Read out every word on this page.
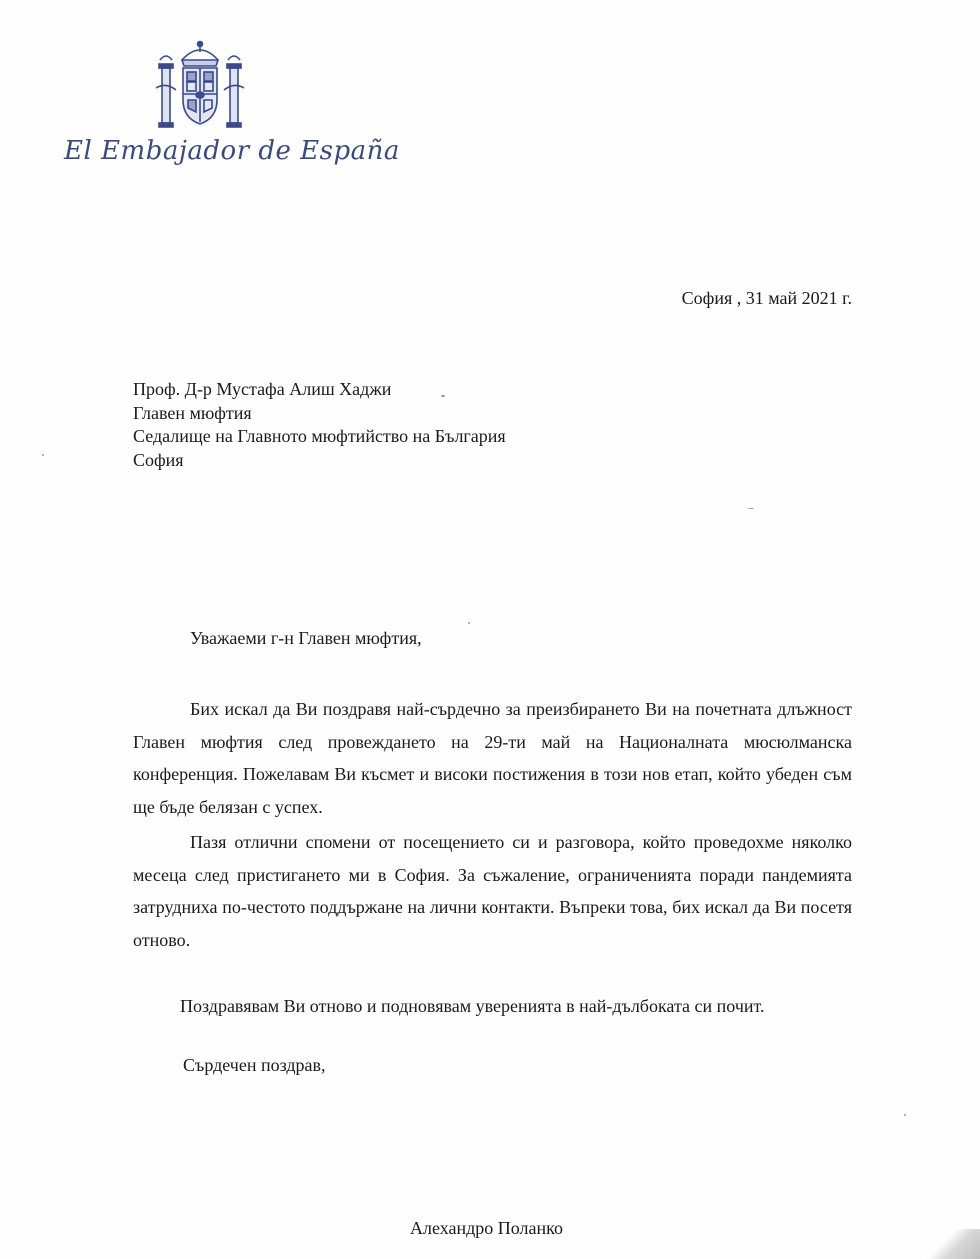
El Embajador de España
София , 31 май 2021 г.
Проф. Д-р Мустафа Алиш Хаджи
Главен мюфтия
Седалище на Главното мюфтийство на България
София
Уважаеми г-н Главен мюфтия,

Бих искал да Ви поздравя най-сърдечно за преизбирането Ви на почетната длъжност Главен мюфтия след провеждането на 29-ти май на Националната мюсюлманска конференция. Пожелавам Ви късмет и високи постижения в този нов етап, който убеден съм ще бъде белязан с успех.

Пазя отлични спомени от посещението си и разговора, който проведохме няколко месеца след пристигането ми в София. За съжаление, ограниченията поради пандемията затрудниха по-честото поддържане на лични контакти. Въпреки това, бих искал да Ви посетя отново.

Поздравявам Ви отново и подновявам уверенията в най-дълбоката си почит.
Сърдечен поздрав,
Алехандро Поланко
